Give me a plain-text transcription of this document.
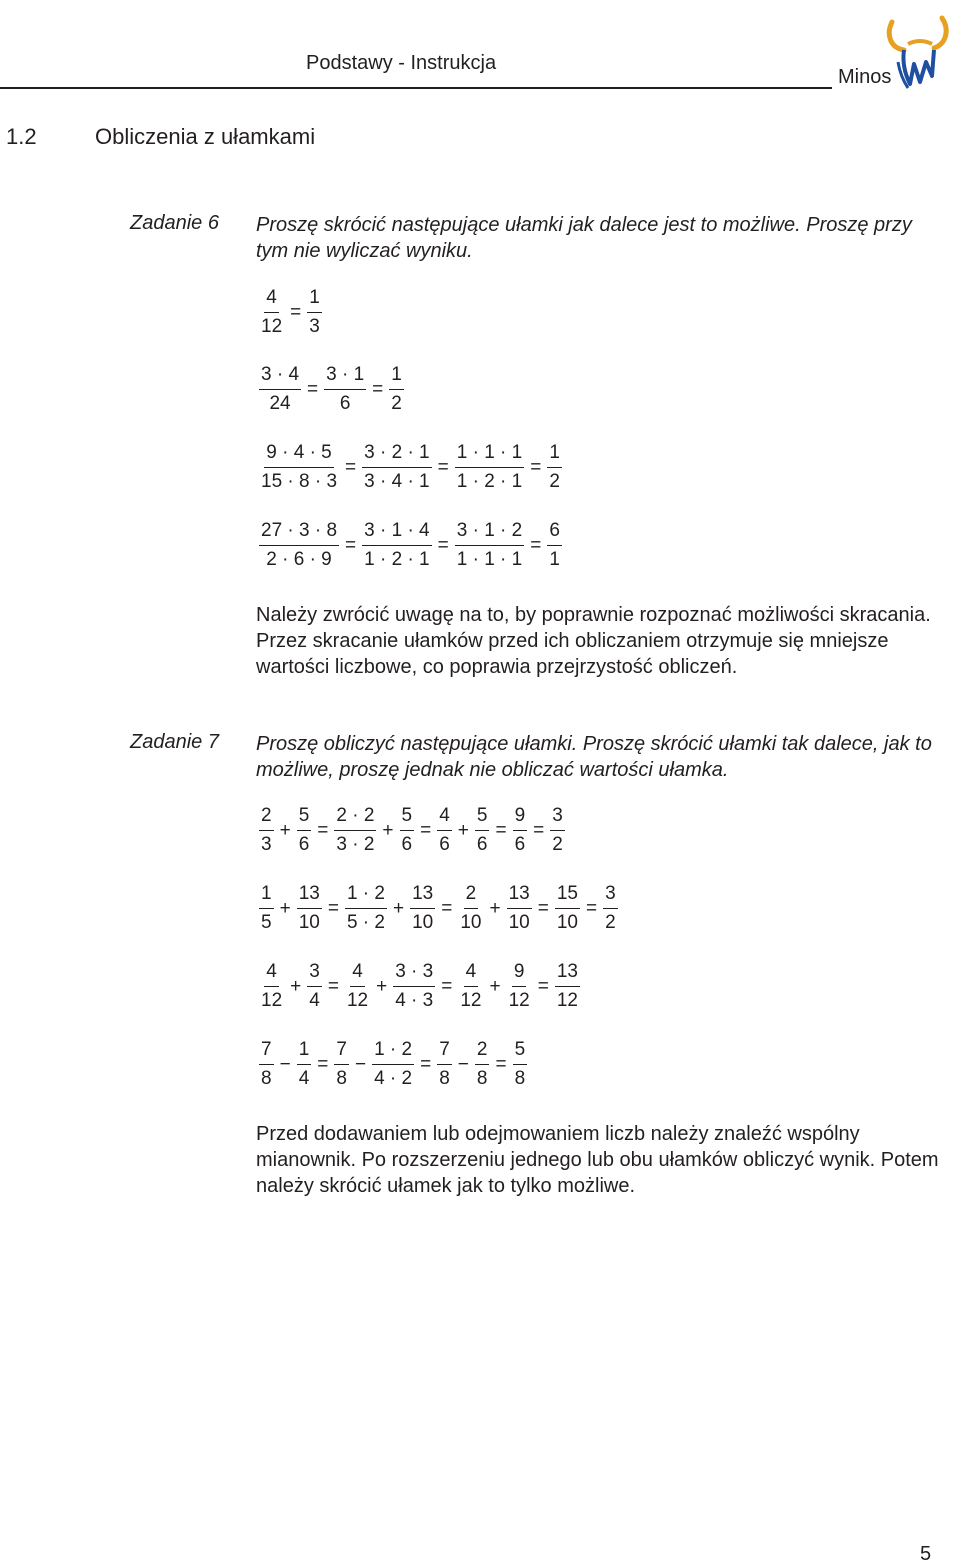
Podstawy - Instrukcja
Minos
1.2	Obliczenia z ułamkami
Zadanie 6 Proszę skrócić następujące ułamki jak dalece jest to możliwe. Proszę przy tym nie wyliczać wyniku.
$\frac{4}{12} = \frac{1}{3}$
$\frac{3 \cdot 4}{24} = \frac{3 \cdot 1}{6} = \frac{1}{2}$
$\frac{9 \cdot 4 \cdot 5}{15 \cdot 8 \cdot 3} = \frac{3 \cdot 2 \cdot 1}{3 \cdot 4 \cdot 1} = \frac{1 \cdot 1 \cdot 1}{1 \cdot 2 \cdot 1} = \frac{1}{2}$
$\frac{27 \cdot 3 \cdot 8}{2 \cdot 6 \cdot 9} = \frac{3 \cdot 1 \cdot 4}{1 \cdot 2 \cdot 1} = \frac{3 \cdot 1 \cdot 2}{1 \cdot 1 \cdot 1} = \frac{6}{1}$
Należy zwrócić uwagę na to, by poprawnie rozpoznać możliwości skracania. Przez skracanie ułamków przed ich obliczaniem otrzymuje się mniejsze wartości liczbowe, co poprawia przejrzystość obliczeń.
Zadanie 7 Proszę obliczyć następujące ułamki. Proszę skrócić ułamki tak dalece, jak to możliwe, proszę jednak nie obliczać wartości ułamka.
$\frac{2}{3} + \frac{5}{6} = \frac{2 \cdot 2}{3 \cdot 2} + \frac{5}{6} = \frac{4}{6} + \frac{5}{6} = \frac{9}{6} = \frac{3}{2}$
$\frac{1}{5} + \frac{13}{10} = \frac{1 \cdot 2}{5 \cdot 2} + \frac{13}{10} = \frac{2}{10} + \frac{13}{10} = \frac{15}{10} = \frac{3}{2}$
$\frac{4}{12} + \frac{3}{4} = \frac{4}{12} + \frac{3 \cdot 3}{4 \cdot 3} = \frac{4}{12} + \frac{9}{12} = \frac{13}{12}$
$\frac{7}{8} - \frac{1}{4} = \frac{7}{8} - \frac{1 \cdot 2}{4 \cdot 2} = \frac{7}{8} - \frac{2}{8} = \frac{5}{8}$
Przed dodawaniem lub odejmowaniem liczb należy znaleźć wspólny mianownik. Po rozszerzeniu jednego lub obu ułamków obliczyć wynik. Potem należy skrócić ułamek jak to tylko możliwe.
5
